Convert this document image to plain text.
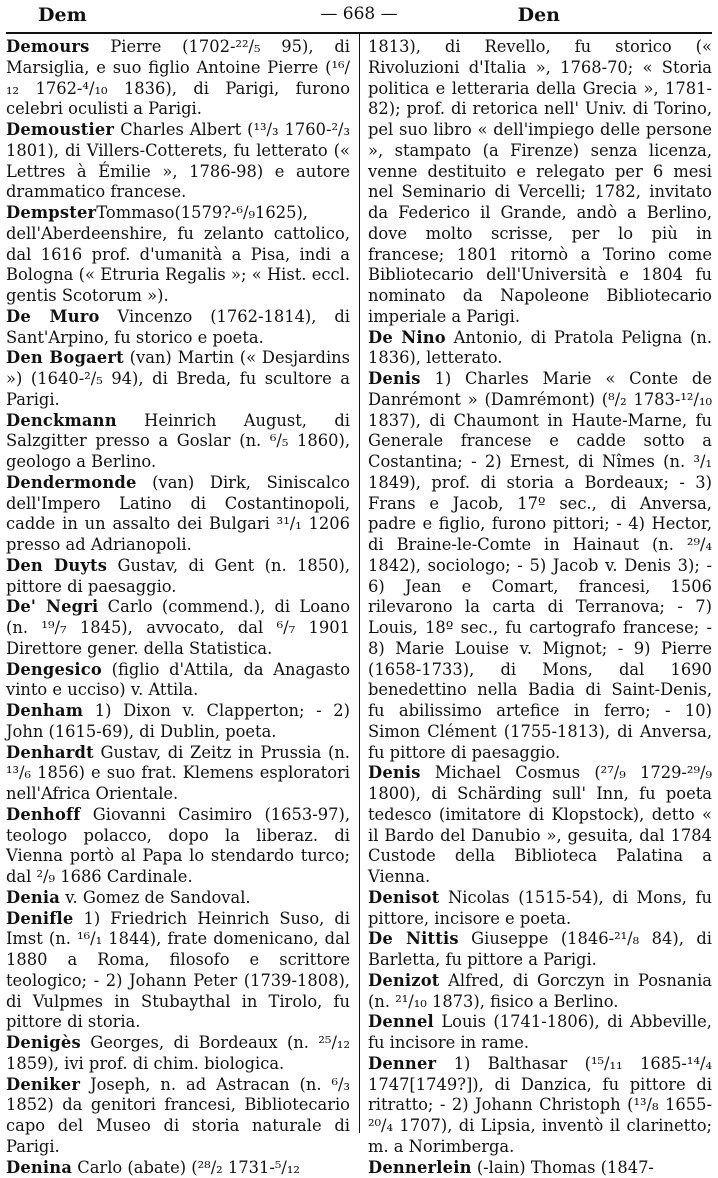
Dem	— 668 —	Den

Demours Pierre (1702-²²/₅ 95), di Marsiglia, e suo figlio Antoine Pierre (¹⁶/₁₂ 1762-⁴/₁₀ 1836), di Parigi, furono celebri oculisti a Parigi.

Demoustier Charles Albert (¹³/₃ 1760-²/₃ 1801), di Villers-Cotterets, fu letterato (« Lettres à Émilie », 1786-98) e autore drammatico francese.

DempsterTommaso(1579?-⁶/₉1625), dell'Aberdeenshire, fu zelanto cattolico, dal 1616 prof. d'umanità a Pisa, indi a Bologna (« Etruria Regalis »; « Hist. eccl. gentis Scotorum »).

De Muro Vincenzo (1762-1814), di Sant'Arpino, fu storico e poeta.

Den Bogaert (van) Martin (« Desjardins ») (1640-²/₅ 94), di Breda, fu scultore a Parigi.

Denckmann Heinrich August, di Salzgitter presso a Goslar (n. ⁶/₅ 1860), geologo a Berlino.

Dendermonde (van) Dirk, Siniscalco dell'Impero Latino di Costantinopoli, cadde in un assalto dei Bulgari ³¹/₁ 1206 presso ad Adrianopoli.

Den Duyts Gustav, di Gent (n. 1850), pittore di paesaggio.

De' Negri Carlo (commend.), di Loano (n. ¹⁹/₇ 1845), avvocato, dal ⁶/₇ 1901 Direttore gener. della Statistica.

Dengesico (figlio d'Attila, da Anagasto vinto e ucciso) v. Attila.

Denham 1) Dixon v. Clapperton; - 2) John (1615-69), di Dublin, poeta.

Denhardt Gustav, di Zeitz in Prussia (n. ¹³/₆ 1856) e suo frat. Klemens esploratori nell'Africa Orientale.

Denhoff Giovanni Casimiro (1653-97), teologo polacco, dopo la liberaz. di Vienna portò al Papa lo stendardo turco; dal ²/₉ 1686 Cardinale.

Denia v. Gomez de Sandoval.

Denifle 1) Friedrich Heinrich Suso, di Imst (n. ¹⁶/₁ 1844), frate domenicano, dal 1880 a Roma, filosofo e scrittore teologico; - 2) Johann Peter (1739-1808), di Vulpmes in Stubaythal in Tirolo, fu pittore di storia.

Denigès Georges, di Bordeaux (n. ²⁵/₁₂ 1859), ivi prof. di chim. biologica.

Deniker Joseph, n. ad Astracan (n. ⁶/₃ 1852) da genitori francesi, Bibliotecario capo del Museo di storia naturale di Parigi.

Denina Carlo (abate) (²⁸/₂ 1731-⁵/₁₂

1813), di Revello, fu storico (« Rivoluzioni d'Italia », 1768-70; « Storia politica e letteraria della Grecia », 1781-82); prof. di retorica nell' Univ. di Torino, pel suo libro « dell'impiego delle persone », stampato (a Firenze) senza licenza, venne destituito e relegato per 6 mesi nel Seminario di Vercelli; 1782, invitato da Federico il Grande, andò a Berlino, dove molto scrisse, per lo più in francese; 1801 ritornò a Torino come Bibliotecario dell'Università e 1804 fu nominato da Napoleone Bibliotecario imperiale a Parigi.

De Nino Antonio, di Pratola Peligna (n. 1836), letterato.

Denis 1) Charles Marie « Conte de Danrémont » (Damrémont) (⁸/₂ 1783-¹²/₁₀ 1837), di Chaumont in Haute-Marne, fu Generale francese e cadde sotto a Costantina; - 2) Ernest, di Nîmes (n. ³/₁ 1849), prof. di storia a Bordeaux; - 3) Frans e Jacob, 17º sec., di Anversa, padre e figlio, furono pittori; - 4) Hector, di Braine-le-Comte in Hainaut (n. ²⁹/₄ 1842), sociologo; - 5) Jacob v. Denis 3); - 6) Jean e Comart, francesi, 1506 rilevarono la carta di Terranova; - 7) Louis, 18º sec., fu cartografo francese; - 8) Marie Louise v. Mignot; - 9) Pierre (1658-1733), di Mons, dal 1690 benedettino nella Badia di Saint-Denis, fu abilissimo artefice in ferro; - 10) Simon Clément (1755-1813), di Anversa, fu pittore di paesaggio.

Denis Michael Cosmus (²⁷/₉ 1729-²⁹/₉ 1800), di Schärding sull' Inn, fu poeta tedesco (imitatore di Klopstock), detto « il Bardo del Danubio », gesuita, dal 1784 Custode della Biblioteca Palatina a Vienna.

Denisot Nicolas (1515-54), di Mons, fu pittore, incisore e poeta.

De Nittis Giuseppe (1846-²¹/₈ 84), di Barletta, fu pittore a Parigi.

Denizot Alfred, di Gorczyn in Posnania (n. ²¹/₁₀ 1873), fisico a Berlino.

Dennel Louis (1741-1806), di Abbeville, fu incisore in rame.

Denner 1) Balthasar (¹⁵/₁₁ 1685-¹⁴/₄ 1747[1749?]), di Danzica, fu pittore di ritratto; - 2) Johann Christoph (¹³/₈ 1655-²⁰/₄ 1707), di Lipsia, inventò il clarinetto; m. a Norimberga.

Dennerlein (-lain) Thomas (1847-
